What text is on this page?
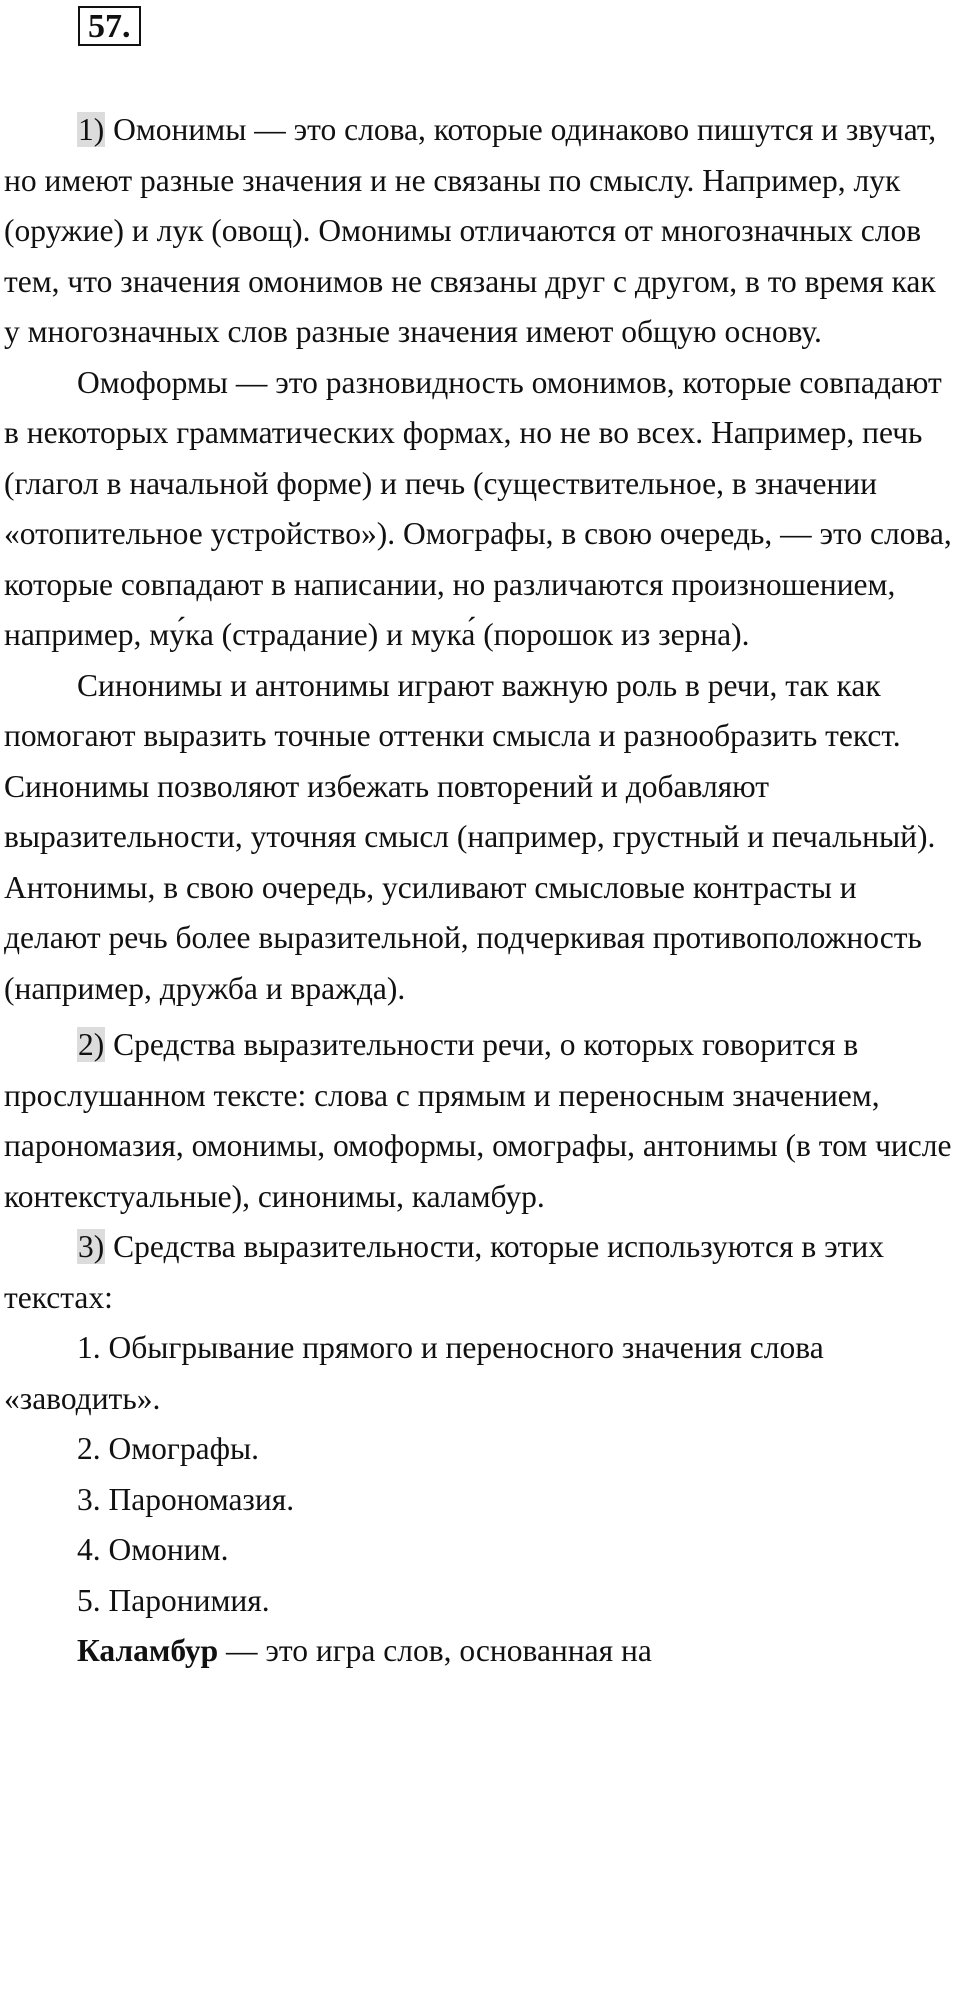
57.

1) Омонимы — это слова, которые одинаково пишутся и звучат, но имеют разные значения и не связаны по смыслу. Например, лук (оружие) и лук (овощ). Омонимы отличаются от многозначных слов тем, что значения омонимов не связаны друг с другом, в то время как у многозначных слов разные значения имеют общую основу.

Омоформы — это разновидность омонимов, которые совпадают в некоторых грамматических формах, но не во всех. Например, печь (глагол в начальной форме) и печь (существительное, в значении «отопительное устройство»). Омографы, в свою очередь, — это слова, которые совпадают в написании, но различаются произношением, например, му́ка (страдание) и мука́ (порошок из зерна).

Синонимы и антонимы играют важную роль в речи, так как помогают выразить точные оттенки смысла и разнообразить текст. Синонимы позволяют избежать повторений и добавляют выразительности, уточняя смысл (например, грустный и печальный). Антонимы, в свою очередь, усиливают смысловые контрасты и делают речь более выразительной, подчеркивая противоположность (например, дружба и вражда).

2) Средства выразительности речи, о которых говорится в прослушанном тексте: слова с прямым и переносным значением, парономазия, омонимы, омоформы, омографы, антонимы (в том числе контекстуальные), синонимы, каламбур.

3) Средства выразительности, которые используются в этих текстах:

1. Обыгрывание прямого и переносного значения слова «заводить».

2. Омографы.

3. Парономазия.

4. Омоним.

5. Паронимия.

Каламбур — это игра слов, основанная на
